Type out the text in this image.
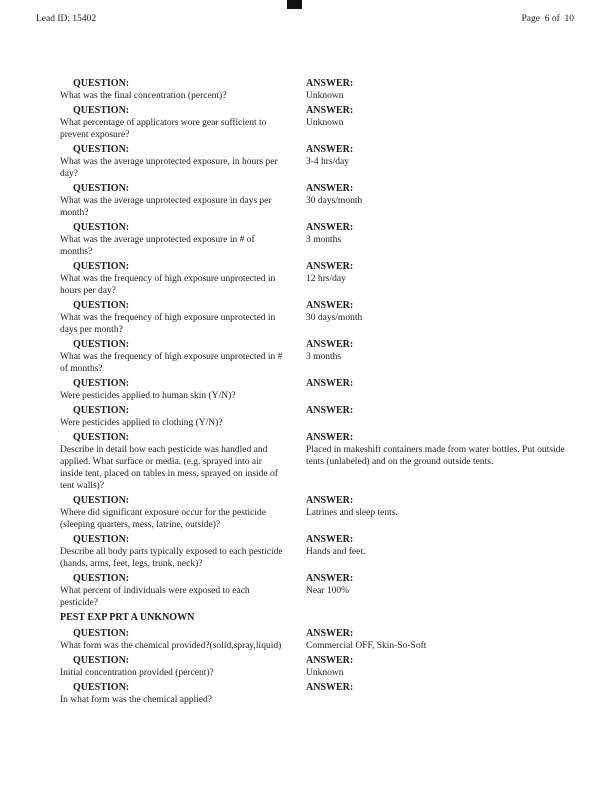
Lead ID: 15402	Page  6 of  10
QUESTION:	ANSWER:
What was the final concentration (percent)?	Unknown
QUESTION:	ANSWER:
What percentage of applicators wore gear sufficient to prevent exposure?
Unknown
QUESTION:	ANSWER:
What was the average unprotected exposure, in hours per day?
3-4 hrs/day
QUESTION:	ANSWER:
What was the average unprotected exposure in days per month?
30 days/month
QUESTION:	ANSWER:
What was the average unprotected exposure in # of months?
3 months
QUESTION:	ANSWER:
What was the frequency of high exposure unprotected in hours per day?
12 hrs/day
QUESTION:	ANSWER:
What was the frequency of high exposure unprotected in days per month?
30 days/month
QUESTION:	ANSWER:
What was the frequency of high exposure unprotected in # of months?
3 months
QUESTION:	ANSWER:
Were pesticides applied to human skin (Y/N)?
QUESTION:	ANSWER:
Were pesticides applied to clothing (Y/N)?
QUESTION:	ANSWER:
Describe in detail how each pesticide was handled and applied. What surface or media. (e.g. sprayed into air inside tent, placed on tables in mess, sprayed on inside of tent walls)?
Placed in makeshift containers made from water bottles. Put outside tents (unlabeled) and on the ground outside tents.
QUESTION:	ANSWER:
Where did significant exposure occur for the pesticide (sleeping quarters, mess, latrine, outside)?
Latrines and sleep tents.
QUESTION:	ANSWER:
Describe all body parts typically exposed to each pesticide (hands, arms, feet, legs, trunk, neck)?
Hands and feet.
QUESTION:	ANSWER:
What percent of individuals were exposed to each pesticide?
Near 100%
PEST EXP PRT A UNKNOWN
QUESTION:	ANSWER:
What form was the chemical provided?(solid,spray,liquid)	Commercial OFF, Skin-So-Soft
QUESTION:	ANSWER:
Initial concentration provided (percent)?	Unknown
QUESTION:	ANSWER:
In what form was the chemical applied?
